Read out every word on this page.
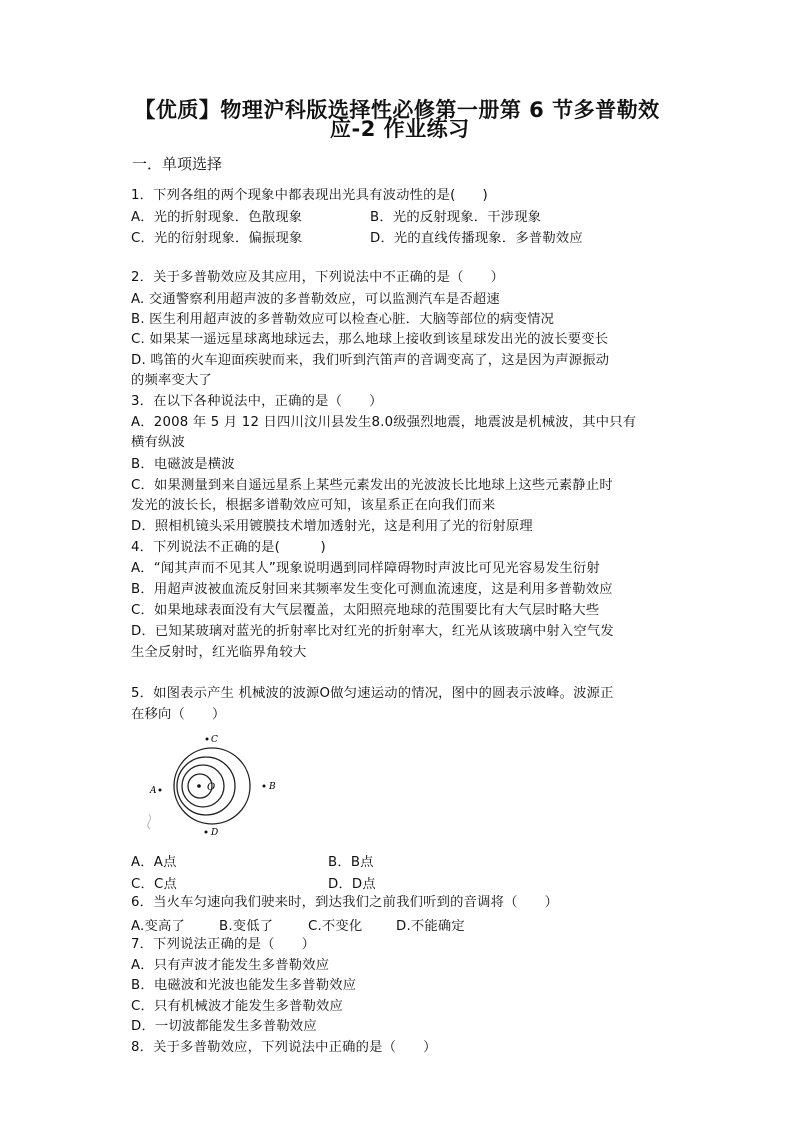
【优质】物理沪科版选择性必修第一册第 6 节多普勒效
应-2 作业练习
一．单项选择
1．下列各组的两个现象中都表现出光具有波动性的是(　　)
A．光的折射现象．色散现象	B．光的反射现象．干涉现象
C．光的衍射现象．偏振现象	D．光的直线传播现象．多普勒效应
2．关于多普勒效应及其应用，下列说法中不正确的是（　　）
A. 交通警察利用超声波的多普勒效应，可以监测汽车是否超速
B. 医生利用超声波的多普勒效应可以检查心脏．大脑等部位的病变情况
C. 如果某一遥远星球离地球远去，那么地球上接收到该星球发出光的波长要变长
D. 鸣笛的火车迎面疾驶而来，我们听到汽笛声的音调变高了，这是因为声源振动
的频率变大了
3．在以下各种说法中，正确的是（　　）
A．2008 年 5 月 12 日四川汶川县发生8.0级强烈地震，地震波是机械波，其中只有
横有纵波
B．电磁波是横波
C．如果测量到来自遥远星系上某些元素发出的光波波长比地球上这些元素静止时
发光的波长长，根据多谱勒效应可知，该星系正在向我们而来
D．照相机镜头采用镀膜技术增加透射光，这是利用了光的衍射原理
4．下列说法不正确的是(　　　)
A．“闻其声而不见其人”现象说明遇到同样障碍物时声波比可见光容易发生衍射
B．用超声波被血流反射回来其频率发生变化可测血流速度，这是利用多普勒效应
C．如果地球表面没有大气层覆盖，太阳照亮地球的范围要比有大气层时略大些
D．已知某玻璃对蓝光的折射率比对红光的折射率大，红光从该玻璃中射入空气发
生全反射时，红光临界角较大
5．如图表示产生 机械波的波源O做匀速运动的情况，图中的圆表示波峰。波源正
在移向（　　）
O
C
A	B
D
A．A点	B．B点
C．C点	D．D点
6．当火车匀速向我们驶来时，到达我们之前我们听到的音调将（　　）
A.变高了	B.变低了	C.不变化	D.不能确定
7．下列说法正确的是（　　）
A．只有声波才能发生多普勒效应
B．电磁波和光波也能发生多普勒效应
C．只有机械波才能发生多普勒效应
D．一切波都能发生多普勒效应
8．关于多普勒效应，下列说法中正确的是（　　）
